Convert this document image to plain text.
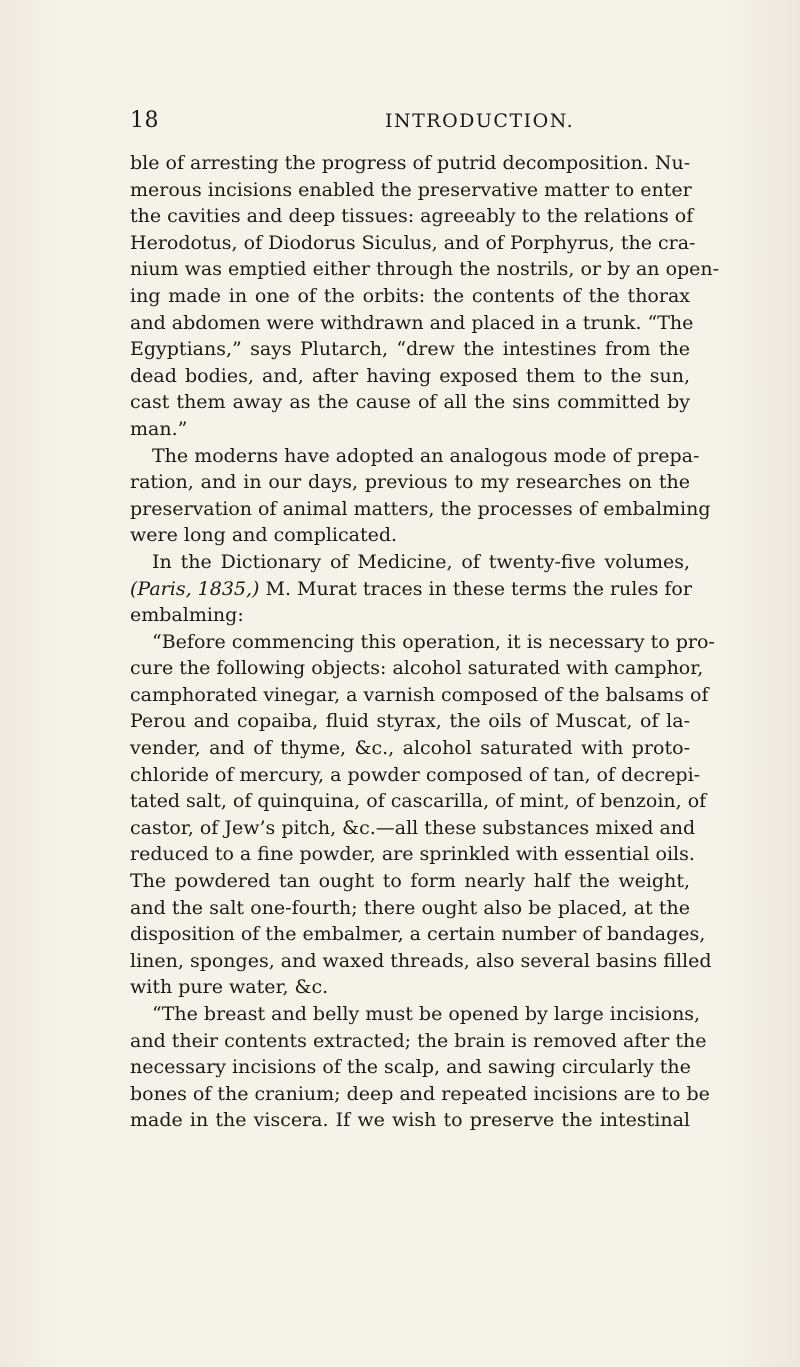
18	INTRODUCTION.
ble of arresting the progress of putrid decomposition. Nu-
merous incisions enabled the preservative matter to enter
the cavities and deep tissues: agreeably to the relations of
Herodotus, of Diodorus Siculus, and of Porphyrus, the cra-
nium was emptied either through the nostrils, or by an open-
ing made in one of the orbits: the contents of the thorax
and abdomen were withdrawn and placed in a trunk. “The
Egyptians,” says Plutarch, “drew the intestines from the
dead bodies, and, after having exposed them to the sun,
cast them away as the cause of all the sins committed by
man.”
The moderns have adopted an analogous mode of prepa-
ration, and in our days, previous to my researches on the
preservation of animal matters, the processes of embalming
were long and complicated.
In the Dictionary of Medicine, of twenty-five volumes,
(Paris, 1835,) M. Murat traces in these terms the rules for
embalming:
“Before commencing this operation, it is necessary to pro-
cure the following objects: alcohol saturated with camphor,
camphorated vinegar, a varnish composed of the balsams of
Perou and copaiba, fluid styrax, the oils of Muscat, of la-
vender, and of thyme, &c., alcohol saturated with proto-
chloride of mercury, a powder composed of tan, of decrepi-
tated salt, of quinquina, of cascarilla, of mint, of benzoin, of
castor, of Jew’s pitch, &c.—all these substances mixed and
reduced to a fine powder, are sprinkled with essential oils.
The powdered tan ought to form nearly half the weight,
and the salt one-fourth; there ought also be placed, at the
disposition of the embalmer, a certain number of bandages,
linen, sponges, and waxed threads, also several basins filled
with pure water, &c.
“The breast and belly must be opened by large incisions,
and their contents extracted; the brain is removed after the
necessary incisions of the scalp, and sawing circularly the
bones of the cranium; deep and repeated incisions are to be
made in the viscera. If we wish to preserve the intestinal
